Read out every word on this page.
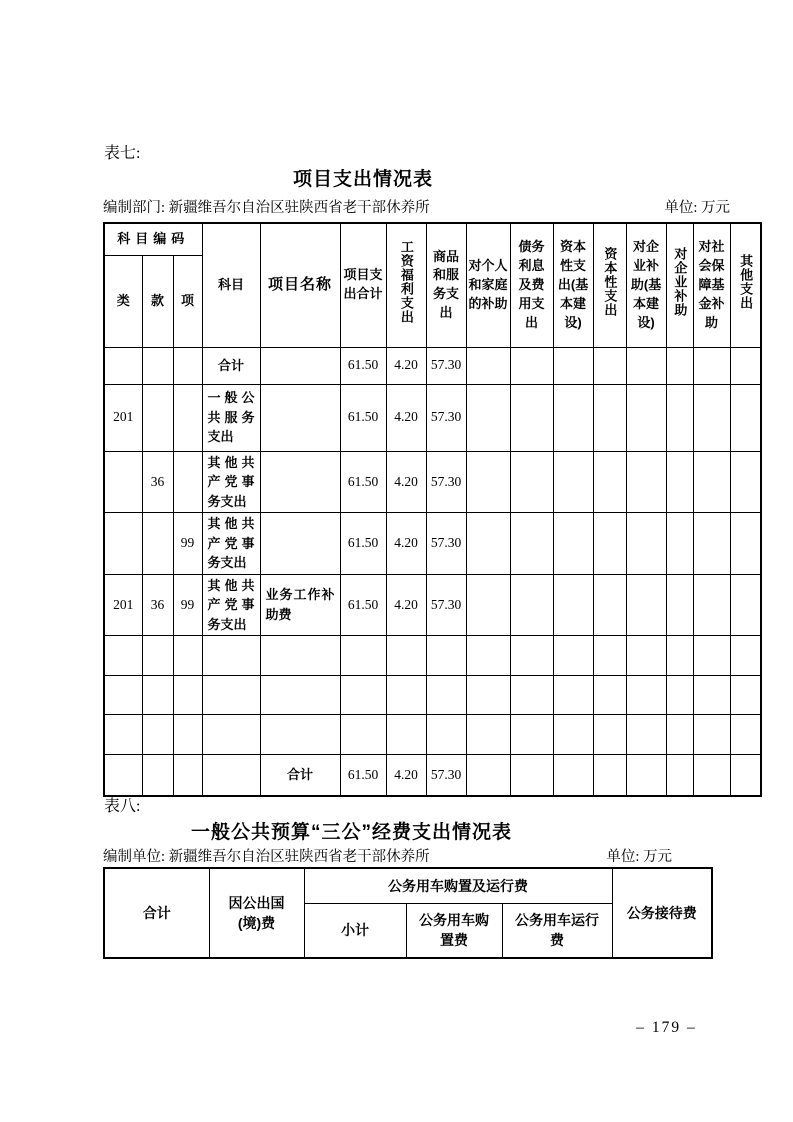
表七:
项目支出情况表
编制部门: 新疆维吾尔自治区驻陕西省老干部休养所	单位: 万元
科目编码			科目	项目名称	项目支出合计	工资福利支出	商品和服务支出	对个人和家庭的补助	债务利息及费用支出	资本性支出(基本建设)	资本性支出	对企业补助(基本建设)	对企业补助	对社会保障基金补助	其他支出
类	款	项													
			合计		61.50	4.20	57.30								
201			一般公共服务支出		61.50	4.20	57.30								
	36		其他共产党事务支出		61.50	4.20	57.30								
		99	其他共产党事务支出		61.50	4.20	57.30								
201	36	99	其他共产党事务支出	业务工作补助费	61.50	4.20	57.30								

				合计	61.50	4.20	57.30								
表八:
一般公共预算“三公”经费支出情况表
编制单位: 新疆维吾尔自治区驻陕西省老干部休养所	单位: 万元
合计	因公出国(境)费	公务用车购置及运行费			公务接待费
		小计	公务用车购置费	公务用车运行费	
– 179 –
